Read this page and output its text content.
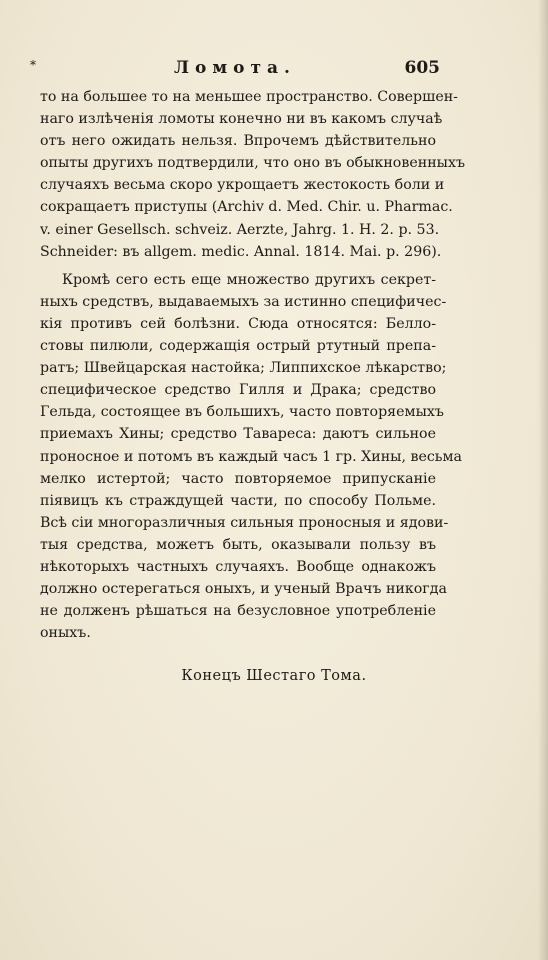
*	Ломота.	605
то на большее то на меньшее пространство. Совершен-
наго излѣченія ломоты конечно ни въ какомъ случаѣ
отъ него ожидать нельзя. Впрочемъ дѣйствительно
опыты другихъ подтвердили, что оно въ обыкновенныхъ
случаяхъ весьма скоро укрощаетъ жестокость боли и
сокращаетъ приступы (Archiv d. Med. Chir. u. Pharmac.
v. einer Gesellsch. schveiz. Aerzte, Jahrg. 1. H. 2. p. 53.
Schneider: въ allgem. medic. Annal. 1814. Mai. p. 296).
Кромѣ сего есть еще множество другихъ секрет-
ныхъ средствъ, выдаваемыхъ за истинно специфичес-
кія противъ сей болѣзни. Сюда относятся: Белло-
стовы пилюли, содержащія острый ртутный препа-
ратъ; Швейцарская настойка; Липпихское лѣкарство;
специфическое средство Гилля и Драка; средство
Гельда, состоящее въ большихъ, часто повторяемыхъ
приемахъ Хины; средство Тавареса: даютъ сильное
проносное и потомъ въ каждый часъ 1 гр. Хины, весьма
мелко истертой; часто повторяемое припусканіе
піявицъ къ страждущей части, по способу Польме.
Всѣ сіи многоразличныя сильныя проносныя и ядови-
тыя средства, можетъ быть, оказывали пользу въ
нѣкоторыхъ частныхъ случаяхъ. Вообще однакожъ
должно остерегаться оныхъ, и ученый Врачъ никогда
не долженъ рѣшаться на безусловное употребленіе
оныхъ.
Конецъ Шестаго Тома.
